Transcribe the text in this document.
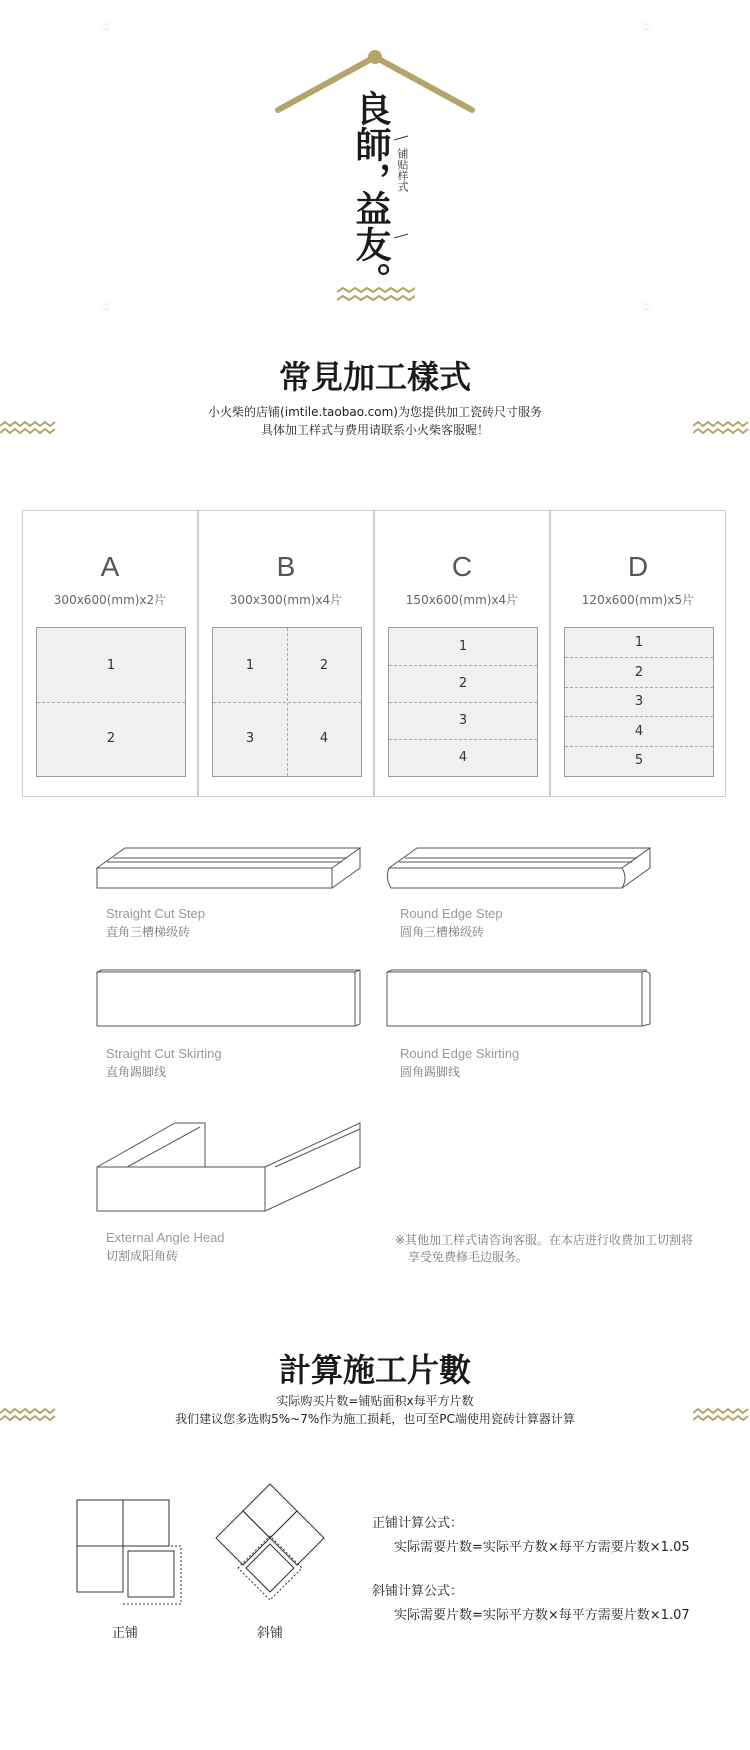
☺	☺
☺	☺
良師，
益友。
铺贴样式
常見加工樣式
小火柴的店铺(imtile.taobao.com)为您提供加工瓷砖尺寸服务
具体加工样式与费用请联系小火柴客服喔！
A
300x600(mm)x2片
1
2
B
300x300(mm)x4片
1	2
3	4
C
150x600(mm)x4片
1
2
3
4
D
120x600(mm)x5片
1
2
3
4
5
Straight Cut Step
直角三槽梯级砖
Round Edge Step
圆角三槽梯级砖
Straight Cut Skirting
直角踢脚线
Round Edge Skirting
圆角踢脚线
External Angle Head
切割成阳角砖
※其他加工样式请咨询客服。在本店进行收费加工切割将
享受免费修毛边服务。
計算施工片數
实际购买片数=铺贴面积x每平方片数
我们建议您多选购5%~7%作为施工损耗，也可至PC端使用瓷砖计算器计算
正铺	斜铺
正铺计算公式：
实际需要片数=实际平方数×每平方需要片数×1.05
斜铺计算公式：
实际需要片数=实际平方数×每平方需要片数×1.07
